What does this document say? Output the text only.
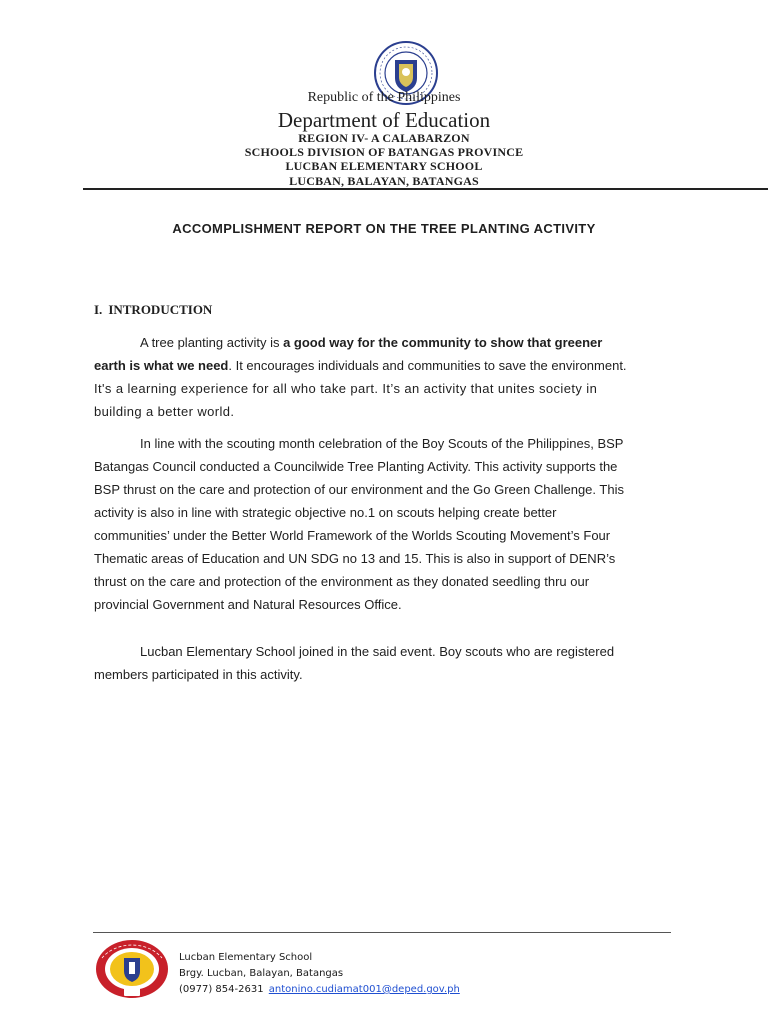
Republic of the Philippines
Department of Education
REGION IV- A CALABARZON
SCHOOLS DIVISION OF BATANGAS PROVINCE
LUCBAN ELEMENTARY SCHOOL
LUCBAN, BALAYAN, BATANGAS
ACCOMPLISHMENT REPORT ON THE TREE PLANTING ACTIVITY
I. INTRODUCTION
A tree planting activity is a good way for the community to show that greener
earth is what we need. It encourages individuals and communities to save the environment.
It's a learning experience for all who take part. It’s an activity that unites society in
building a better world.
In line with the scouting month celebration of the Boy Scouts of the Philippines, BSP
Batangas Council conducted a Councilwide Tree Planting Activity. This activity supports the
BSP thrust on the care and protection of our environment and the Go Green Challenge. This
activity is also in line with strategic objective no.1 on scouts helping create better
communities’ under the Better World Framework of the Worlds Scouting Movement’s Four
Thematic areas of Education and UN SDG no 13 and 15. This is also in support of DENR’s
thrust on the care and protection of the environment as they donated seedling thru our
provincial Government and Natural Resources Office.
Lucban Elementary School joined in the said event. Boy scouts who are registered
members participated in this activity.
Lucban Elementary School
Brgy. Lucban, Balayan, Batangas
(0977) 854-2631 antonino.cudiamat001@deped.gov.ph
